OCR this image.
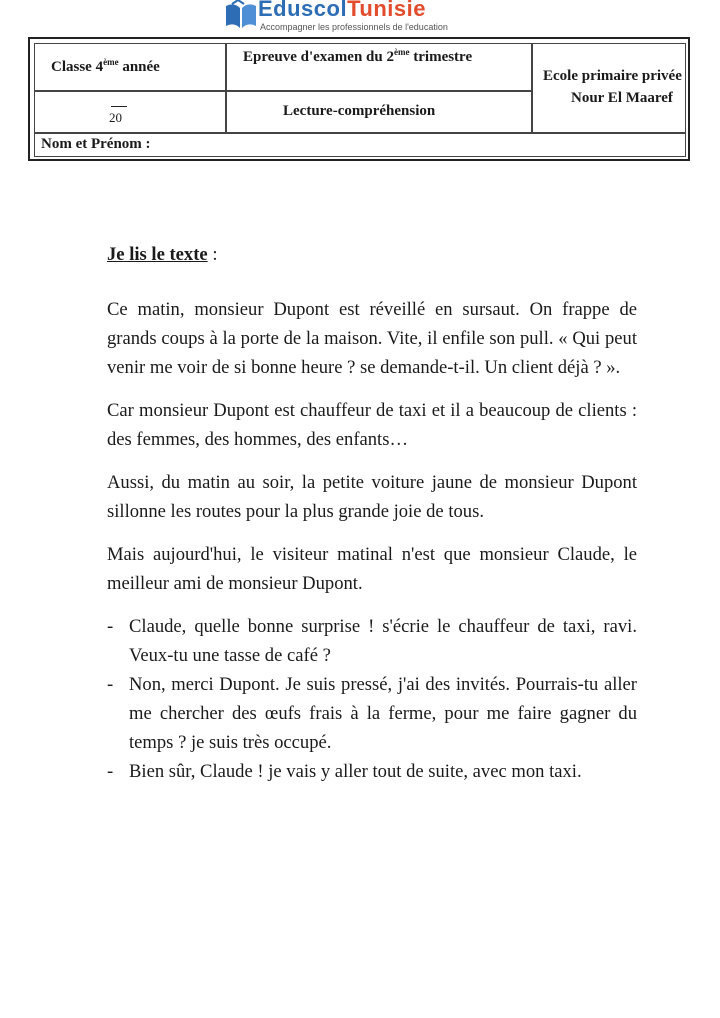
EduscolTunisie
Accompagner les professionnels de l'education
Classe 4ème année
Epreuve d'examen du 2ème trimestre
Ecole primaire privée
Nour El Maaref
20	Lecture-compréhension
Nom et Prénom :
Je lis le texte :

Ce matin, monsieur Dupont est réveillé en sursaut. On frappe de grands coups à la porte de la maison. Vite, il enfile son pull. « Qui peut venir me voir de si bonne heure ? se demande-t-il. Un client déjà ? ».

Car monsieur Dupont est chauffeur de taxi et il a beaucoup de clients : des femmes, des hommes, des enfants…

Aussi, du matin au soir, la petite voiture jaune de monsieur Dupont sillonne les routes pour la plus grande joie de tous.

Mais aujourd'hui, le visiteur matinal n'est que monsieur Claude, le meilleur ami de monsieur Dupont.

- Claude, quelle bonne surprise ! s'écrie le chauffeur de taxi, ravi. Veux-tu une tasse de café ?
- Non, merci Dupont. Je suis pressé, j'ai des invités. Pourrais-tu aller me chercher des œufs frais à la ferme, pour me faire gagner du temps ? je suis très occupé.
- Bien sûr, Claude ! je vais y aller tout de suite, avec mon taxi.
